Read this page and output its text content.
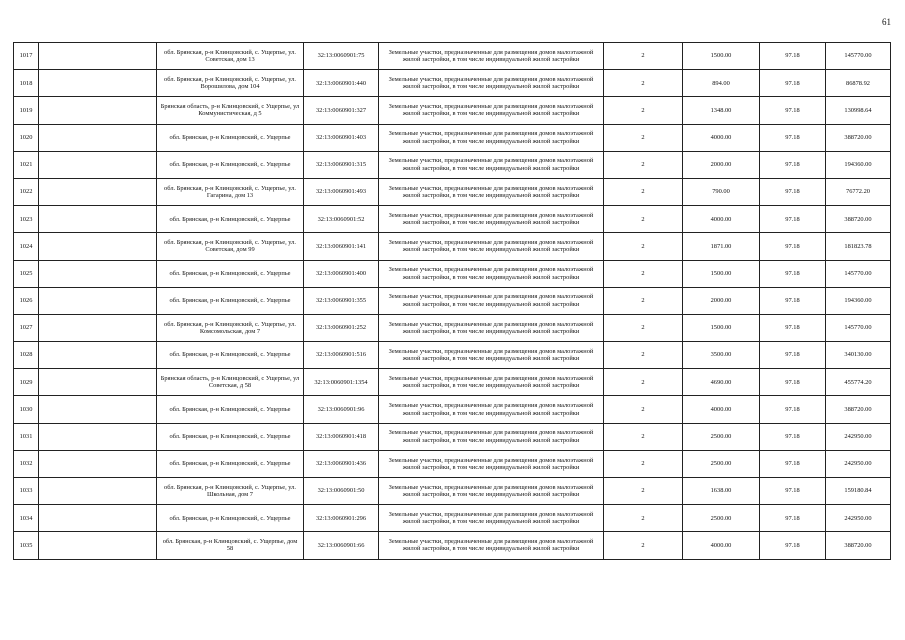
61
1017		обл. Брянская, р-н Клинцовский, с. Ущерпье, ул. Советская, дом 13	32:13:0060901:75	Земельные участки, предназначенные для размещения домов малоэтажной жилой застройки, в том числе индивидуальной жилой застройки	2	1500.00	97.18	145770.00
1018		обл. Брянская, р-н Клинцовский, с. Ущерпье, ул. Ворошилова, дом 104	32:13:0060901:440	Земельные участки, предназначенные для размещения домов малоэтажной жилой застройки, в том числе индивидуальной жилой застройки	2	894.00	97.18	86878.92
1019		Брянская область, р-н Клинцовский, с Ущерпье, ул Коммунистическая, д 5	32:13:0060901:327	Земельные участки, предназначенные для размещения домов малоэтажной жилой застройки, в том числе индивидуальной жилой застройки	2	1348.00	97.18	130998.64
1020		обл. Брянская, р-н Клинцовский, с. Ущерпье	32:13:0060901:403	Земельные участки, предназначенные для размещения домов малоэтажной жилой застройки, в том числе индивидуальной жилой застройки	2	4000.00	97.18	388720.00
1021		обл. Брянская, р-н Клинцовский, с. Ущерпье	32:13:0060901:315	Земельные участки, предназначенные для размещения домов малоэтажной жилой застройки, в том числе индивидуальной жилой застройки	2	2000.00	97.18	194360.00
1022		обл. Брянская, р-н Клинцовский, с. Ущерпье, ул. Гагарина, дом 13	32:13:0060901:493	Земельные участки, предназначенные для размещения домов малоэтажной жилой застройки, в том числе индивидуальной жилой застройки	2	790.00	97.18	76772.20
1023		обл. Брянская, р-н Клинцовский, с. Ущерпье	32:13:0060901:52	Земельные участки, предназначенные для размещения домов малоэтажной жилой застройки, в том числе индивидуальной жилой застройки	2	4000.00	97.18	388720.00
1024		обл. Брянская, р-н Клинцовский, с. Ущерпье, ул. Советская, дом 99	32:13:0060901:141	Земельные участки, предназначенные для размещения домов малоэтажной жилой застройки, в том числе индивидуальной жилой застройки	2	1871.00	97.18	181823.78
1025		обл. Брянская, р-н Клинцовский, с. Ущерпье	32:13:0060901:400	Земельные участки, предназначенные для размещения домов малоэтажной жилой застройки, в том числе индивидуальной жилой застройки	2	1500.00	97.18	145770.00
1026		обл. Брянская, р-н Клинцовский, с. Ущерпье	32:13:0060901:355	Земельные участки, предназначенные для размещения домов малоэтажной жилой застройки, в том числе индивидуальной жилой застройки	2	2000.00	97.18	194360.00
1027		обл. Брянская, р-н Клинцовский, с. Ущерпье, ул. Комсомольская, дом 7	32:13:0060901:252	Земельные участки, предназначенные для размещения домов малоэтажной жилой застройки, в том числе индивидуальной жилой застройки	2	1500.00	97.18	145770.00
1028		обл. Брянская, р-н Клинцовский, с. Ущерпье	32:13:0060901:516	Земельные участки, предназначенные для размещения домов малоэтажной жилой застройки, в том числе индивидуальной жилой застройки	2	3500.00	97.18	340130.00
1029		Брянская область, р-н Клинцовский, с Ущерпье, ул Советская, д 58	32:13:0060901:1354	Земельные участки, предназначенные для размещения домов малоэтажной жилой застройки, в том числе индивидуальной жилой застройки	2	4690.00	97.18	455774.20
1030		обл. Брянская, р-н Клинцовский, с. Ущерпье	32:13:0060901:96	Земельные участки, предназначенные для размещения домов малоэтажной жилой застройки, в том числе индивидуальной жилой застройки	2	4000.00	97.18	388720.00
1031		обл. Брянская, р-н Клинцовский, с. Ущерпье	32:13:0060901:418	Земельные участки, предназначенные для размещения домов малоэтажной жилой застройки, в том числе индивидуальной жилой застройки	2	2500.00	97.18	242950.00
1032		обл. Брянская, р-н Клинцовский, с. Ущерпье	32:13:0060901:436	Земельные участки, предназначенные для размещения домов малоэтажной жилой застройки, в том числе индивидуальной жилой застройки	2	2500.00	97.18	242950.00
1033		обл. Брянская, р-н Клинцовский, с. Ущерпье, ул. Школьная, дом 7	32:13:0060901:50	Земельные участки, предназначенные для размещения домов малоэтажной жилой застройки, в том числе индивидуальной жилой застройки	2	1638.00	97.18	159180.84
1034		обл. Брянская, р-н Клинцовский, с. Ущерпье	32:13:0060901:296	Земельные участки, предназначенные для размещения домов малоэтажной жилой застройки, в том числе индивидуальной жилой застройки	2	2500.00	97.18	242950.00
1035		обл. Брянская, р-н Клинцовский, с. Ущерпье, дом 58	32:13:0060901:66	Земельные участки, предназначенные для размещения домов малоэтажной жилой застройки, в том числе индивидуальной жилой застройки	2	4000.00	97.18	388720.00
